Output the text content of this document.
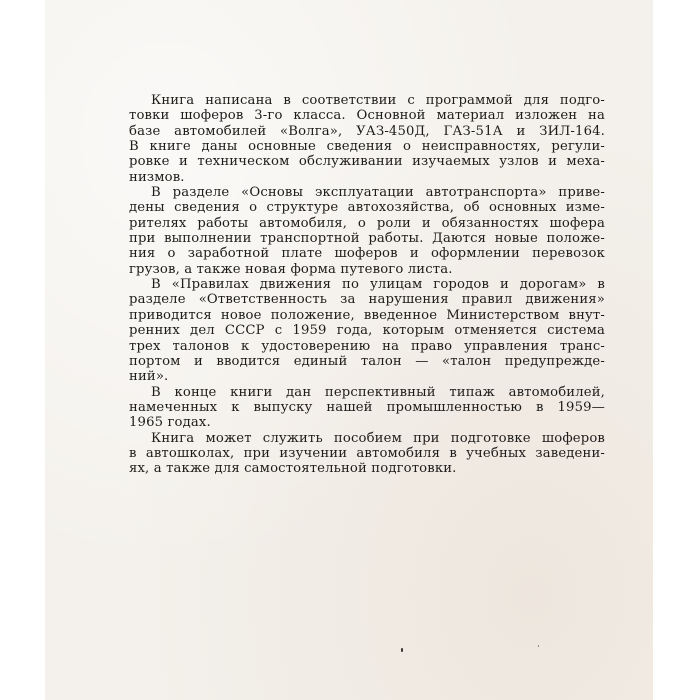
Книга написана в соответствии с программой для подго-
товки шоферов 3-го класса. Основной материал изложен на
базе автомобилей «Волга», УАЗ-450Д, ГАЗ-51А и ЗИЛ-164.
В книге даны основные сведения о неисправностях, регули-
ровке и техническом обслуживании изучаемых узлов и меха-
низмов.
В разделе «Основы эксплуатации автотранспорта» приве-
дены сведения о структуре автохозяйства, об основных изме-
рителях работы автомобиля, о роли и обязанностях шофера
при выполнении транспортной работы. Даются новые положе-
ния о заработной плате шоферов и оформлении перевозок
грузов, а также новая форма путевого листа.
В «Правилах движения по улицам городов и дорогам» в
разделе «Ответственность за нарушения правил движения»
приводится новое положение, введенное Министерством внут-
ренних дел СССР с 1959 года, которым отменяется система
трех талонов к удостоверению на право управления транс-
портом и вводится единый талон — «талон предупрежде-
ний».
В конце книги дан перспективный типаж автомобилей,
намеченных к выпуску нашей промышленностью в 1959—
1965 годах.
Книга может служить пособием при подготовке шоферов
в автошколах, при изучении автомобиля в учебных заведени-
ях, а также для самостоятельной подготовки.
